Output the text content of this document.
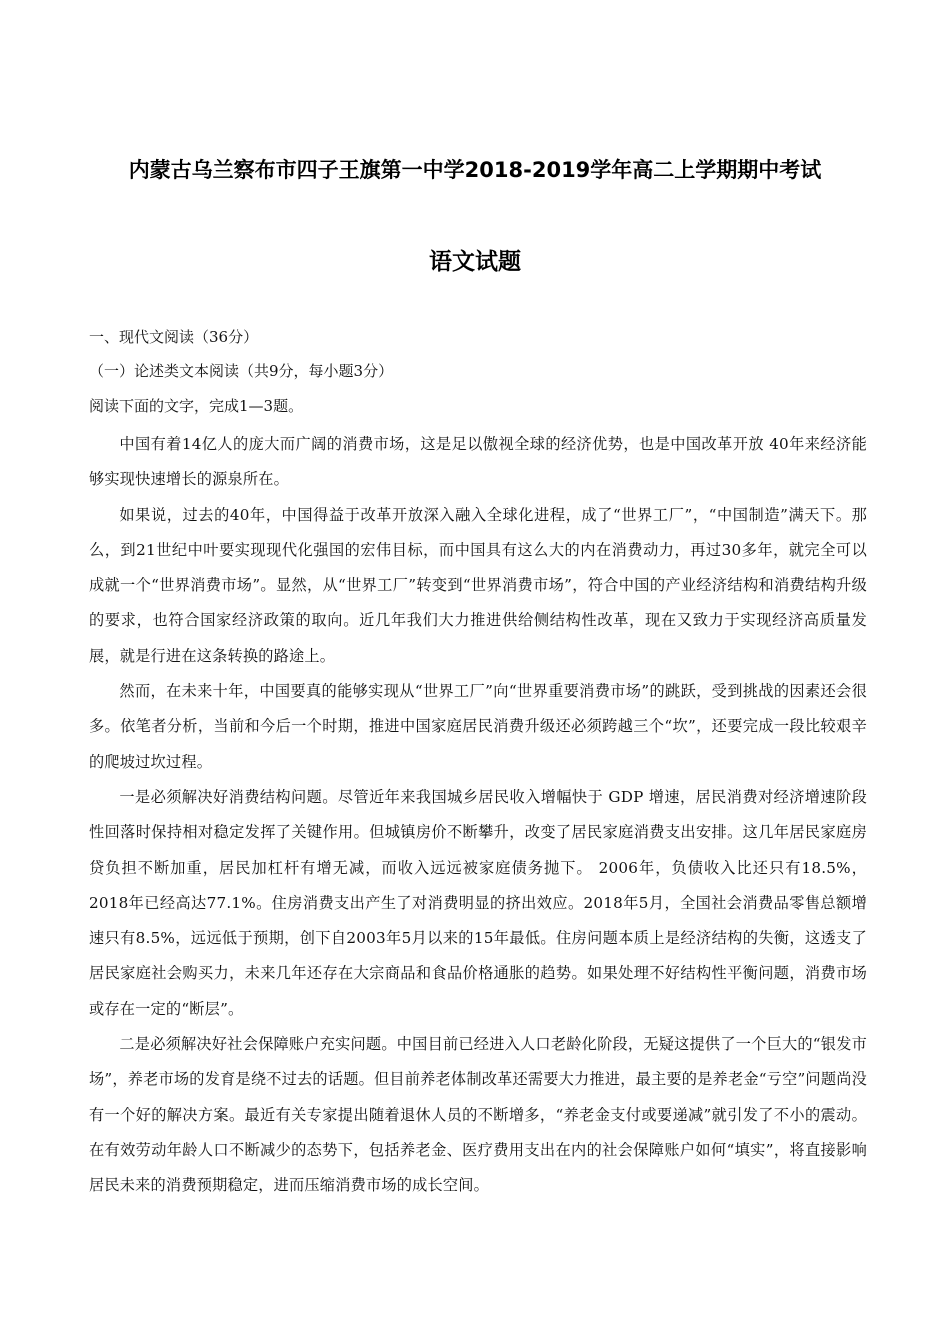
内蒙古乌兰察布市四子王旗第一中学2018-2019学年高二上学期期中考试
语文试题
一、现代文阅读（36分）
（一）论述类文本阅读（共9分，每小题3分）
阅读下面的文字，完成1—3题。

中国有着14亿人的庞大而广阔的消费市场，这是足以傲视全球的经济优势，也是中国改革开放 40年来经济能够实现快速增长的源泉所在。

如果说，过去的40年，中国得益于改革开放深入融入全球化进程，成了“世界工厂”，“中国制造”满天下。那么，到21世纪中叶要实现现代化强国的宏伟目标，而中国具有这么大的内在消费动力，再过30多年，就完全可以成就一个“世界消费市场”。显然，从“世界工厂”转变到“世界消费市场”，符合中国的产业经济结构和消费结构升级的要求，也符合国家经济政策的取向。近几年我们大力推进供给侧结构性改革，现在又致力于实现经济高质量发展，就是行进在这条转换的路途上。

然而，在未来十年，中国要真的能够实现从“世界工厂”向“世界重要消费市场”的跳跃，受到挑战的因素还会很多。依笔者分析，当前和今后一个时期，推进中国家庭居民消费升级还必须跨越三个“坎”，还要完成一段比较艰辛的爬坡过坎过程。

一是必须解决好消费结构问题。尽管近年来我国城乡居民收入增幅快于 GDP 增速，居民消费对经济增速阶段性回落时保持相对稳定发挥了关键作用。但城镇房价不断攀升，改变了居民家庭消费支出安排。这几年居民家庭房贷负担不断加重，居民加杠杆有增无减，而收入远远被家庭债务抛下。 2006年，负债收入比还只有18.5%，2018年已经高达77.1%。住房消费支出产生了对消费明显的挤出效应。2018年5月，全国社会消费品零售总额增速只有8.5%，远远低于预期，创下自2003年5月以来的15年最低。住房问题本质上是经济结构的失衡，这透支了居民家庭社会购买力，未来几年还存在大宗商品和食品价格通胀的趋势。如果处理不好结构性平衡问题，消费市场或存在一定的“断层”。

二是必须解决好社会保障账户充实问题。中国目前已经进入人口老龄化阶段，无疑这提供了一个巨大的“银发市场”，养老市场的发育是绕不过去的话题。但目前养老体制改革还需要大力推进，最主要的是养老金“亏空”问题尚没有一个好的解决方案。最近有关专家提出随着退休人员的不断增多，“养老金支付或要递减”就引发了不小的震动。在有效劳动年龄人口不断减少的态势下，包括养老金、医疗费用支出在内的社会保障账户如何“填实”，将直接影响居民未来的消费预期稳定，进而压缩消费市场的成长空间。
